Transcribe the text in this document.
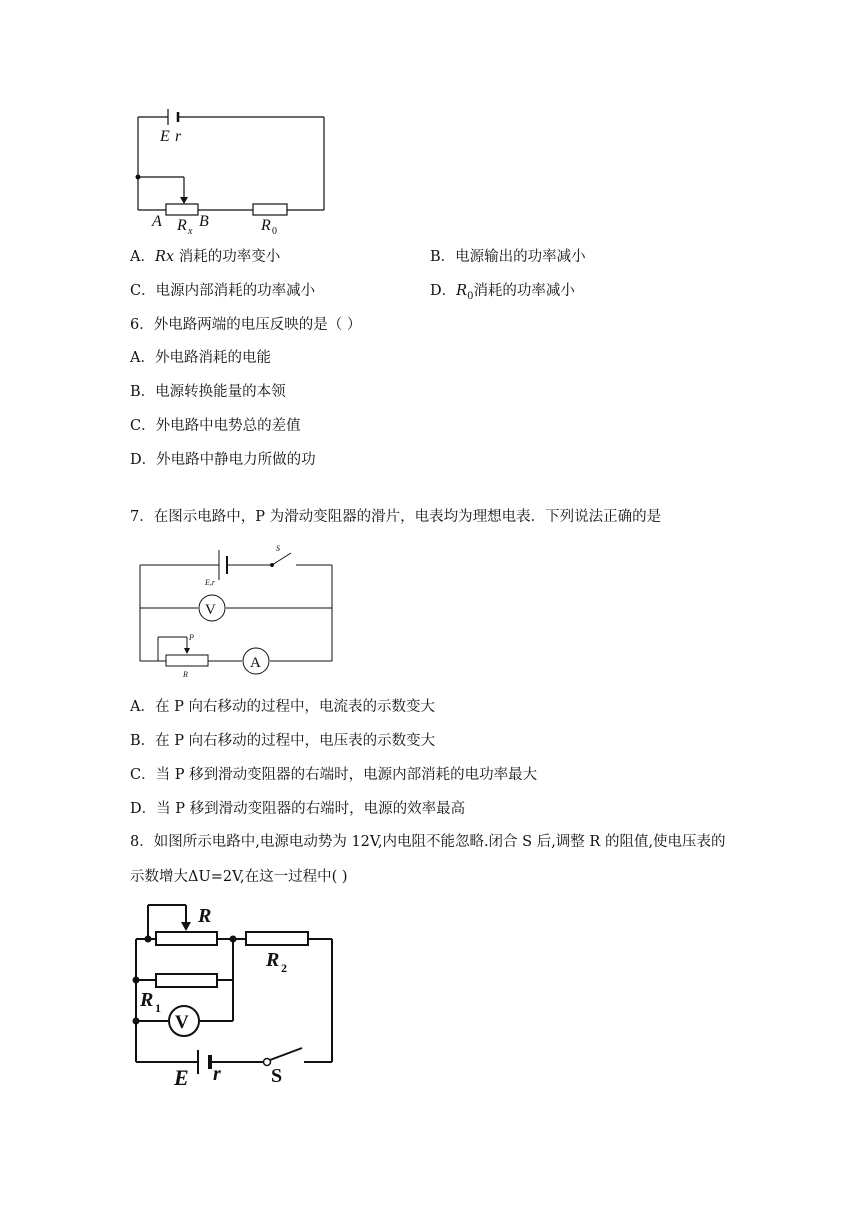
E r
A R x
B	R 0
A．Rx 消耗的功率变小	B．电源输出的功率减小
C．电源内部消耗的功率减小	D．$R_0$消耗的功率减小
6．外电路两端的电压反映的是（ ）
A．外电路消耗的电能
B．电源转换能量的本领
C．外电路中电势总的差值
D．外电路中静电力所做的功
7．在图示电路中，P 为滑动变阻器的滑片，电表均为理想电表．下列说法正确的是
V
A
S
E,r
P
R
A．在 P 向右移动的过程中，电流表的示数变大
B．在 P 向右移动的过程中，电压表的示数变大
C．当 P 移到滑动变阻器的右端时，电源内部消耗的电功率最大
D．当 P 移到滑动变阻器的右端时，电源的效率最高
8．如图所示电路中,电源电动势为 12V,内电阻不能忽略.闭合 S 后,调整 R 的阻值,使电压表的
示数增大ΔU=2V,在这一过程中( )
V
R
R 2
R 1
E r	S
